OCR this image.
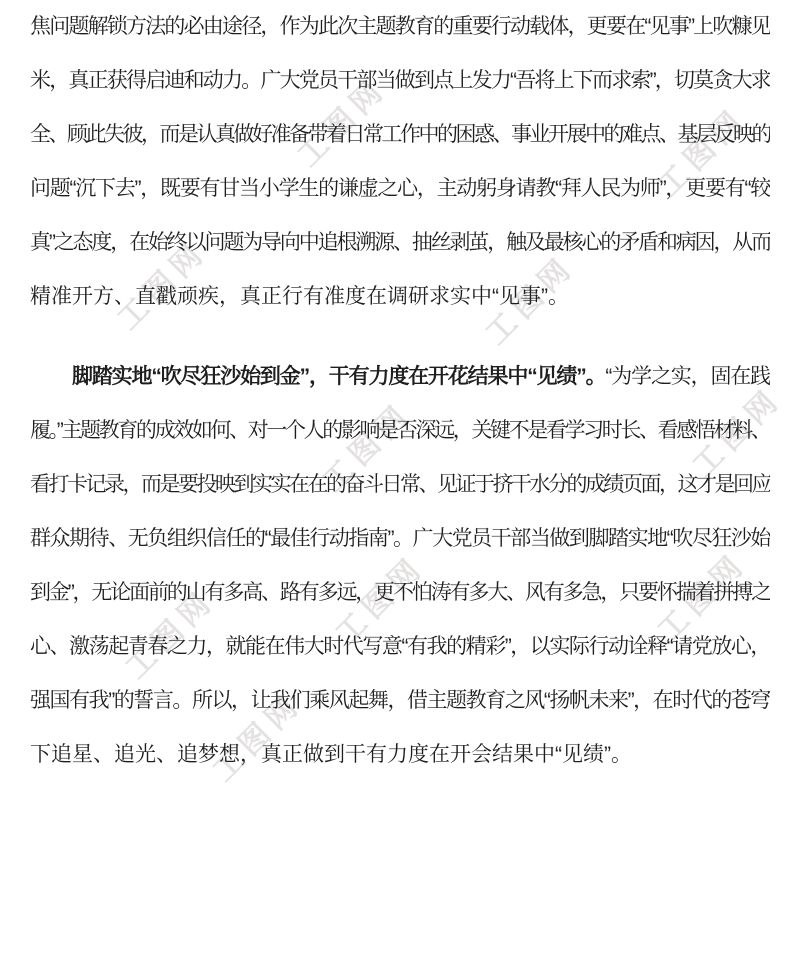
工图网	工图网
工图网	工图网
工图网	工图网
工图网	工图网	工图网
工图网
焦问题解锁方法的必由途径，作为此次主题教育的重要行动载体，更要在“见事”上吹糠见
米，真正获得启迪和动力。广大党员干部当做到点上发力“吾将上下而求索”，切莫贪大求
全、顾此失彼，而是认真做好准备带着日常工作中的困惑、事业开展中的难点、基层反映的
问题“沉下去”，既要有甘当小学生的谦虚之心，主动躬身请教“拜人民为师”，更要有“较
真”之态度，在始终以问题为导向中追根溯源、抽丝剥茧，触及最核心的矛盾和病因，从而
精准开方、直戳顽疾，真正行有准度在调研求实中“见事”。
脚踏实地“吹尽狂沙始到金”，干有力度在开花结果中“见绩”。“为学之实，固在践
履。”主题教育的成效如何、对一个人的影响是否深远，关键不是看学习时长、看感悟材料、
看打卡记录，而是要投映到实实在在的奋斗日常、见证于挤干水分的成绩页面，这才是回应
群众期待、无负组织信任的“最佳行动指南”。广大党员干部当做到脚踏实地“吹尽狂沙始
到金”，无论面前的山有多高、路有多远，更不怕涛有多大、风有多急，只要怀揣着拼搏之
心、激荡起青春之力，就能在伟大时代写意“有我的精彩”，以实际行动诠释“请党放心，
强国有我”的誓言。所以，让我们乘风起舞，借主题教育之风“扬帆未来”，在时代的苍穹
下追星、追光、追梦想，真正做到干有力度在开会结果中“见绩”。
